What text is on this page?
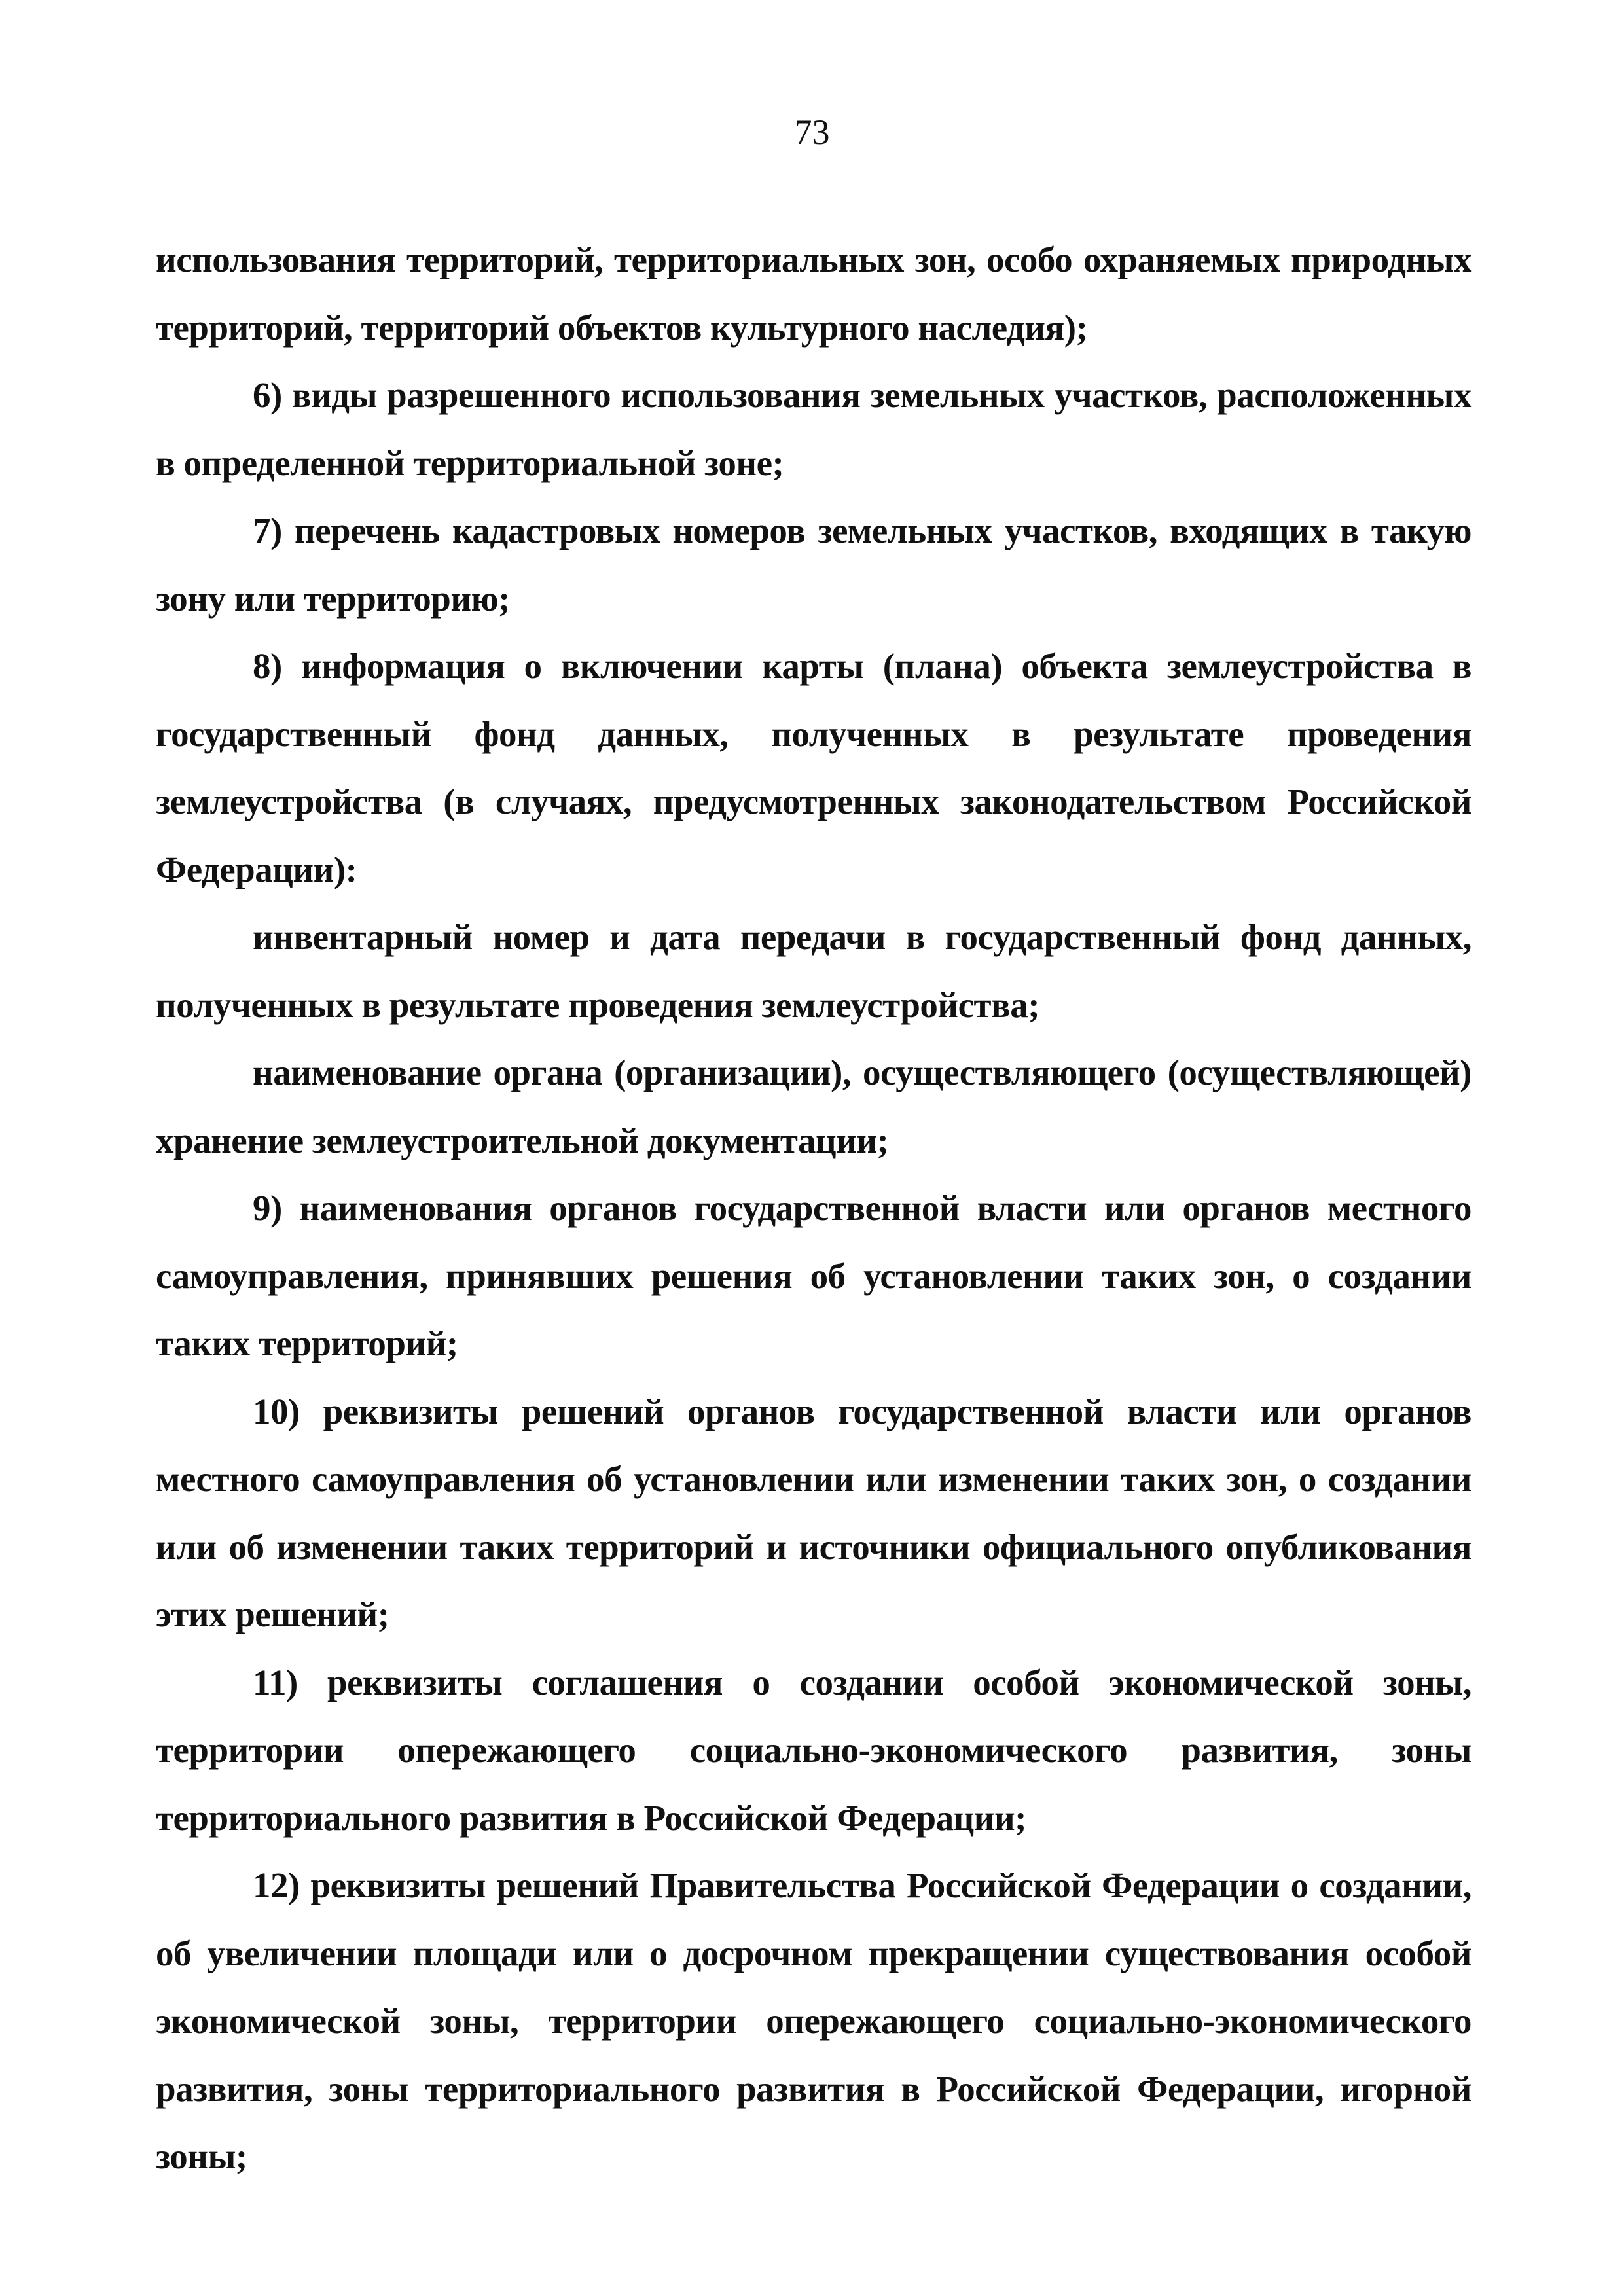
73

использования территорий, территориальных зон, особо охраняемых природных территорий, территорий объектов культурного наследия);

6) виды разрешенного использования земельных участков, расположенных в определенной территориальной зоне;

7) перечень кадастровых номеров земельных участков, входящих в такую зону или территорию;

8) информация о включении карты (плана) объекта землеустройства в государственный фонд данных, полученных в результате проведения землеустройства (в случаях, предусмотренных законодательством Российской Федерации):

инвентарный номер и дата передачи в государственный фонд данных, полученных в результате проведения землеустройства;

наименование органа (организации), осуществляющего (осуществляющей) хранение землеустроительной документации;

9) наименования органов государственной власти или органов местного самоуправления, принявших решения об установлении таких зон, о создании таких территорий;

10) реквизиты решений органов государственной власти или органов местного самоуправления об установлении или изменении таких зон, о создании или об изменении таких территорий и источники официального опубликования этих решений;

11) реквизиты соглашения о создании особой экономической зоны, территории опережающего социально-экономического развития, зоны территориального развития в Российской Федерации;

12) реквизиты решений Правительства Российской Федерации о создании, об увеличении площади или о досрочном прекращении существования особой экономической зоны, территории опережающего социально-экономического развития, зоны территориального развития в Российской Федерации, игорной зоны;
